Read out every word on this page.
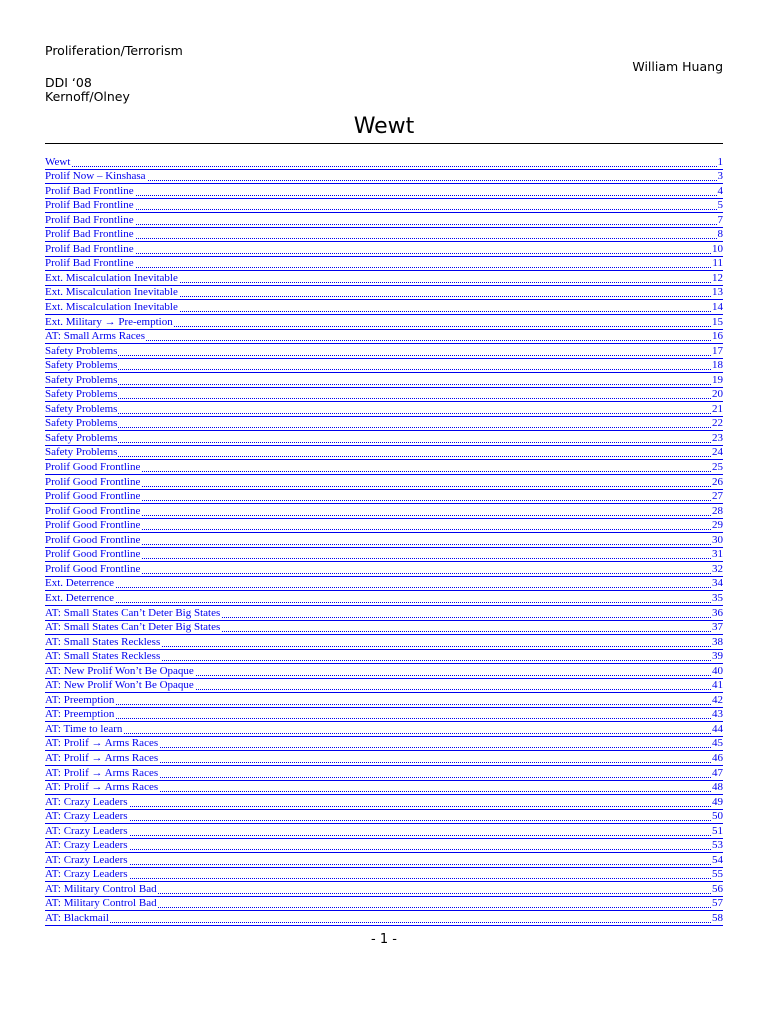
Proliferation/Terrorism
William Huang
DDI ‘08
Kernoff/Olney
Wewt
Wewt	1
Prolif Now – Kinshasa	3
Prolif Bad Frontline	4
Prolif Bad Frontline	5
Prolif Bad Frontline	7
Prolif Bad Frontline	8
Prolif Bad Frontline	10
Prolif Bad Frontline	11
Ext. Miscalculation Inevitable	12
Ext. Miscalculation Inevitable	13
Ext. Miscalculation Inevitable	14
Ext. Military → Pre-emption	15
AT: Small Arms Races	16
Safety Problems	17
Safety Problems	18
Safety Problems	19
Safety Problems	20
Safety Problems	21
Safety Problems	22
Safety Problems	23
Safety Problems	24
Prolif Good Frontline	25
Prolif Good Frontline	26
Prolif Good Frontline	27
Prolif Good Frontline	28
Prolif Good Frontline	29
Prolif Good Frontline	30
Prolif Good Frontline	31
Prolif Good Frontline	32
Ext. Deterrence	34
Ext. Deterrence	35
AT: Small States Can’t Deter Big States	36
AT: Small States Can’t Deter Big States	37
AT: Small States Reckless	38
AT: Small States Reckless	39
AT: New Prolif Won’t Be Opaque	40
AT: New Prolif Won’t Be Opaque	41
AT: Preemption	42
AT: Preemption	43
AT: Time to learn	44
AT: Prolif → Arms Races	45
AT: Prolif → Arms Races	46
AT: Prolif → Arms Races	47
AT: Prolif → Arms Races	48
AT: Crazy Leaders	49
AT: Crazy Leaders	50
AT: Crazy Leaders	51
AT: Crazy Leaders	53
AT: Crazy Leaders	54
AT: Crazy Leaders	55
AT: Military Control Bad	56
AT: Military Control Bad	57
AT: Blackmail	58
- 1 -
